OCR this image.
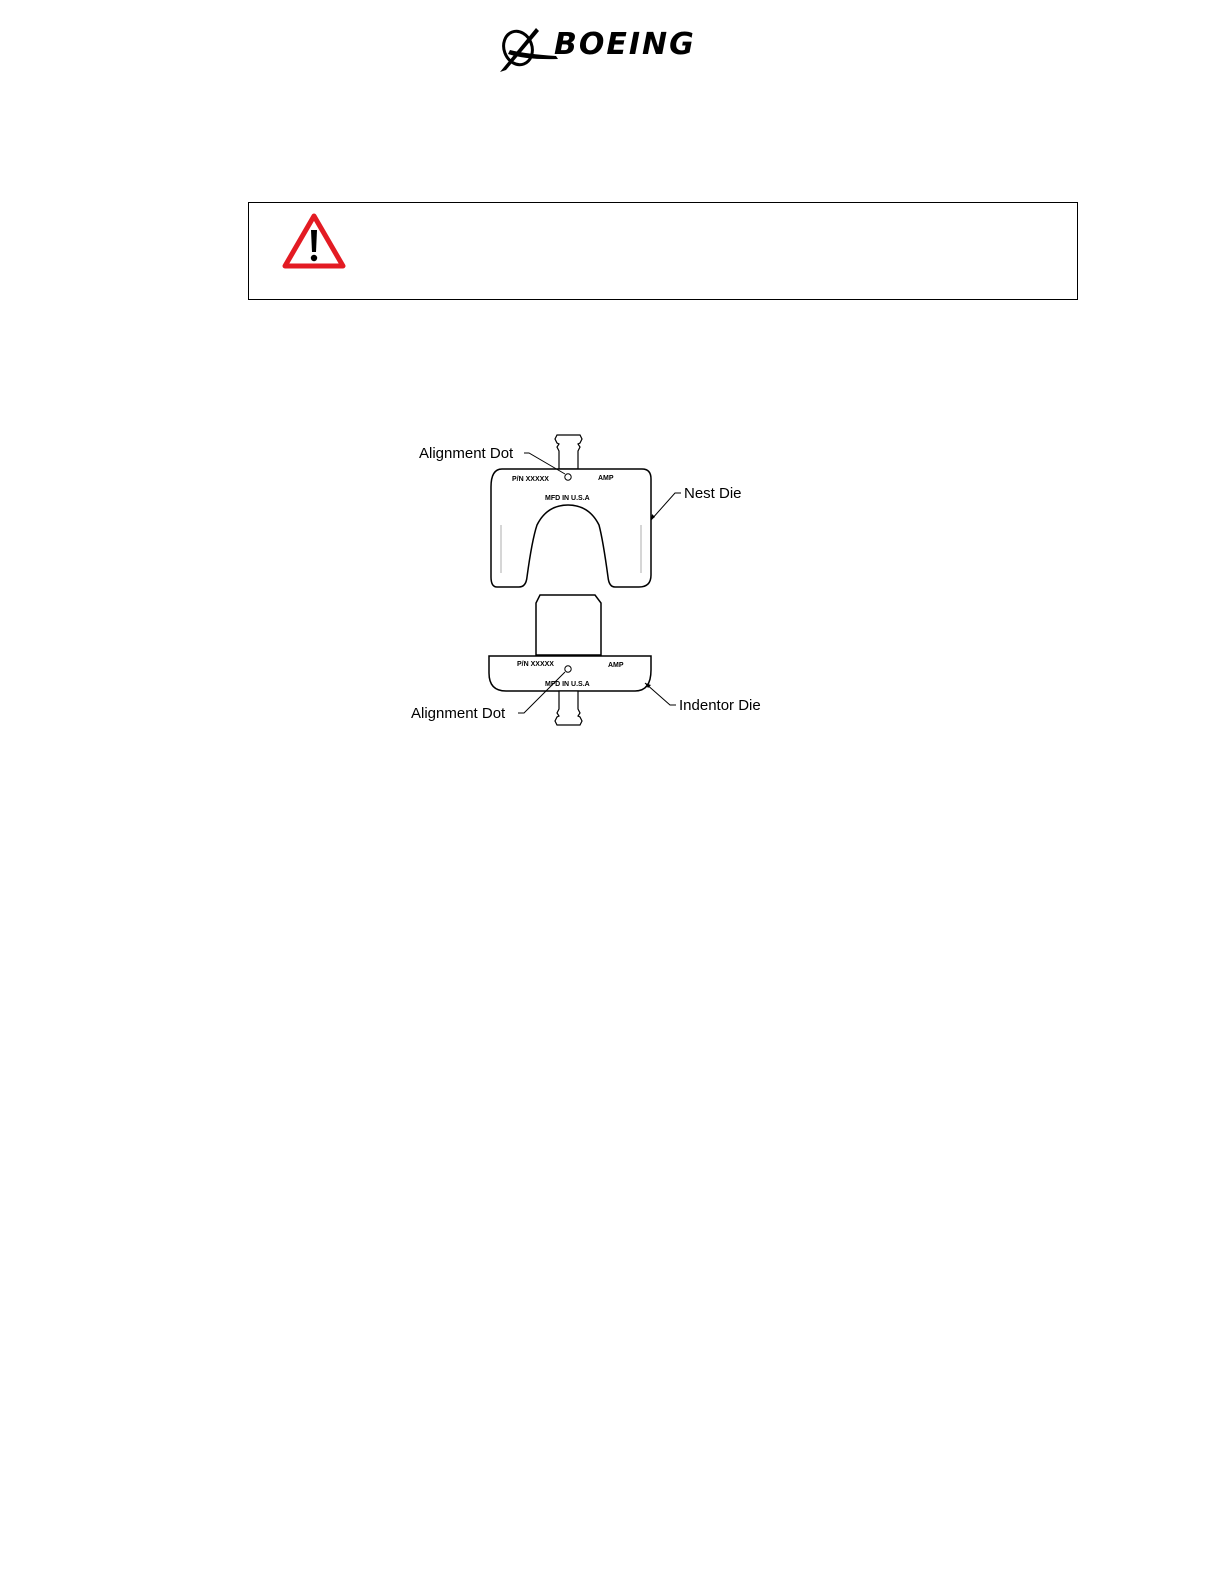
BOEING
P/N XXXXX	AMP
MFD IN U.S.A
P/N XXXXX	AMP
MFD IN U.S.A
Alignment Dot
Nest Die
Alignment Dot	Indentor Die
